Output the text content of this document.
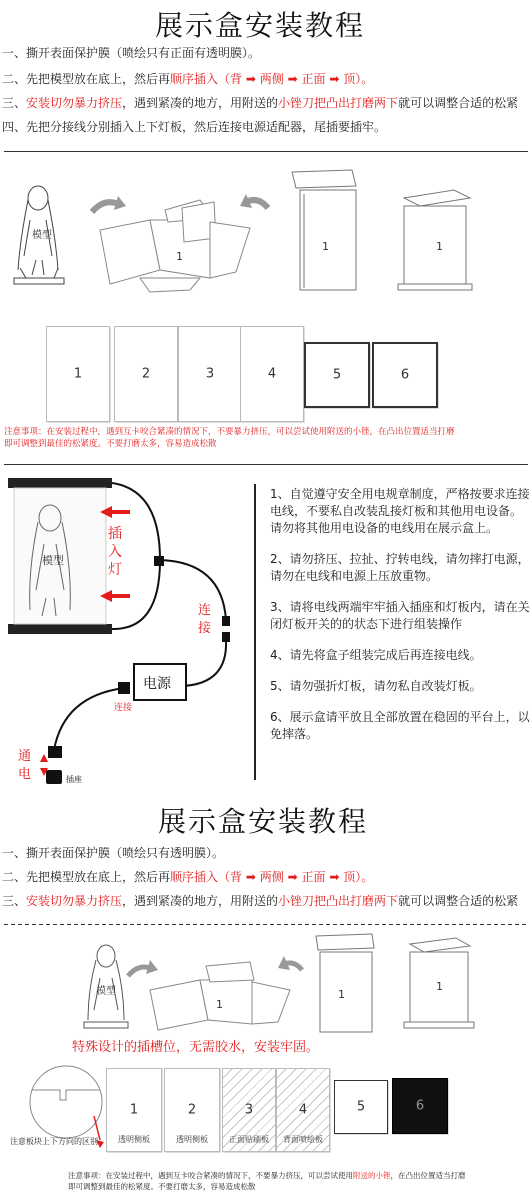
展示盒安装教程
一、撕开表面保护膜（喷绘只有正面有透明膜）。
二、先把模型放在底上，然后再顺序插入（背 ➡ 两侧 ➡ 正面 ➡ 顶）。
三、安装切勿暴力挤压，遇到紧凑的地方，用附送的小锉刀把凸出打磨两下就可以调整合适的松紧
四、先把分接线分别插入上下灯板，然后连接电源适配器，尾插要插牢。
模型
1
1	1
1	2	3	4	5	6
注意事项：在安装过程中，遇到互卡咬合紧凑的情况下，不要暴力挤压，可以尝试使用附送的小锉，在凸出位置适当打磨
即可调整到最佳的松紧度。不要打磨太多，容易造成松散
模型
插
入
灯
连
接
电源
连接
通
电	插座
1、自觉遵守安全用电规章制度，严格按要求连接电线，不要私自改装乱接灯板和其他用电设备。请勿将其他用电设备的电线用在展示盒上。
2、请勿挤压、拉扯、拧转电线，请勿摔打电源，请勿在电线和电源上压放重物。
3、请将电线两端牢牢插入插座和灯板内，请在关闭灯板开关的的状态下进行组装操作
4、请先将盒子组装完成后再连接电线。
5、请勿强折灯板，请勿私自改装灯板。
6、展示盒请平放且全部放置在稳固的平台上，以免摔落。
展示盒安装教程
一、撕开表面保护膜（喷绘只有透明膜）。
二、先把模型放在底上，然后再顺序插入（背 ➡ 两侧 ➡ 正面 ➡ 顶）。
三、安装切勿暴力挤压，遇到紧凑的地方，用附送的小锉刀把凸出打磨两下就可以调整合适的松紧
模型
1
1
1
特殊设计的插槽位，无需胶水，安装牢固。
注意板块上下方向的区别
1
透明侧板
2
透明侧板
3
正面贴刷板
4
背面喷绘板
5	6
注意事项：在安装过程中，遇到互卡咬合紧凑的情况下，不要暴力挤压，可以尝试使用附送的小锉，在凸出位置适当打磨
即可调整到最佳的松紧度。不要打磨太多，容易造成松散
